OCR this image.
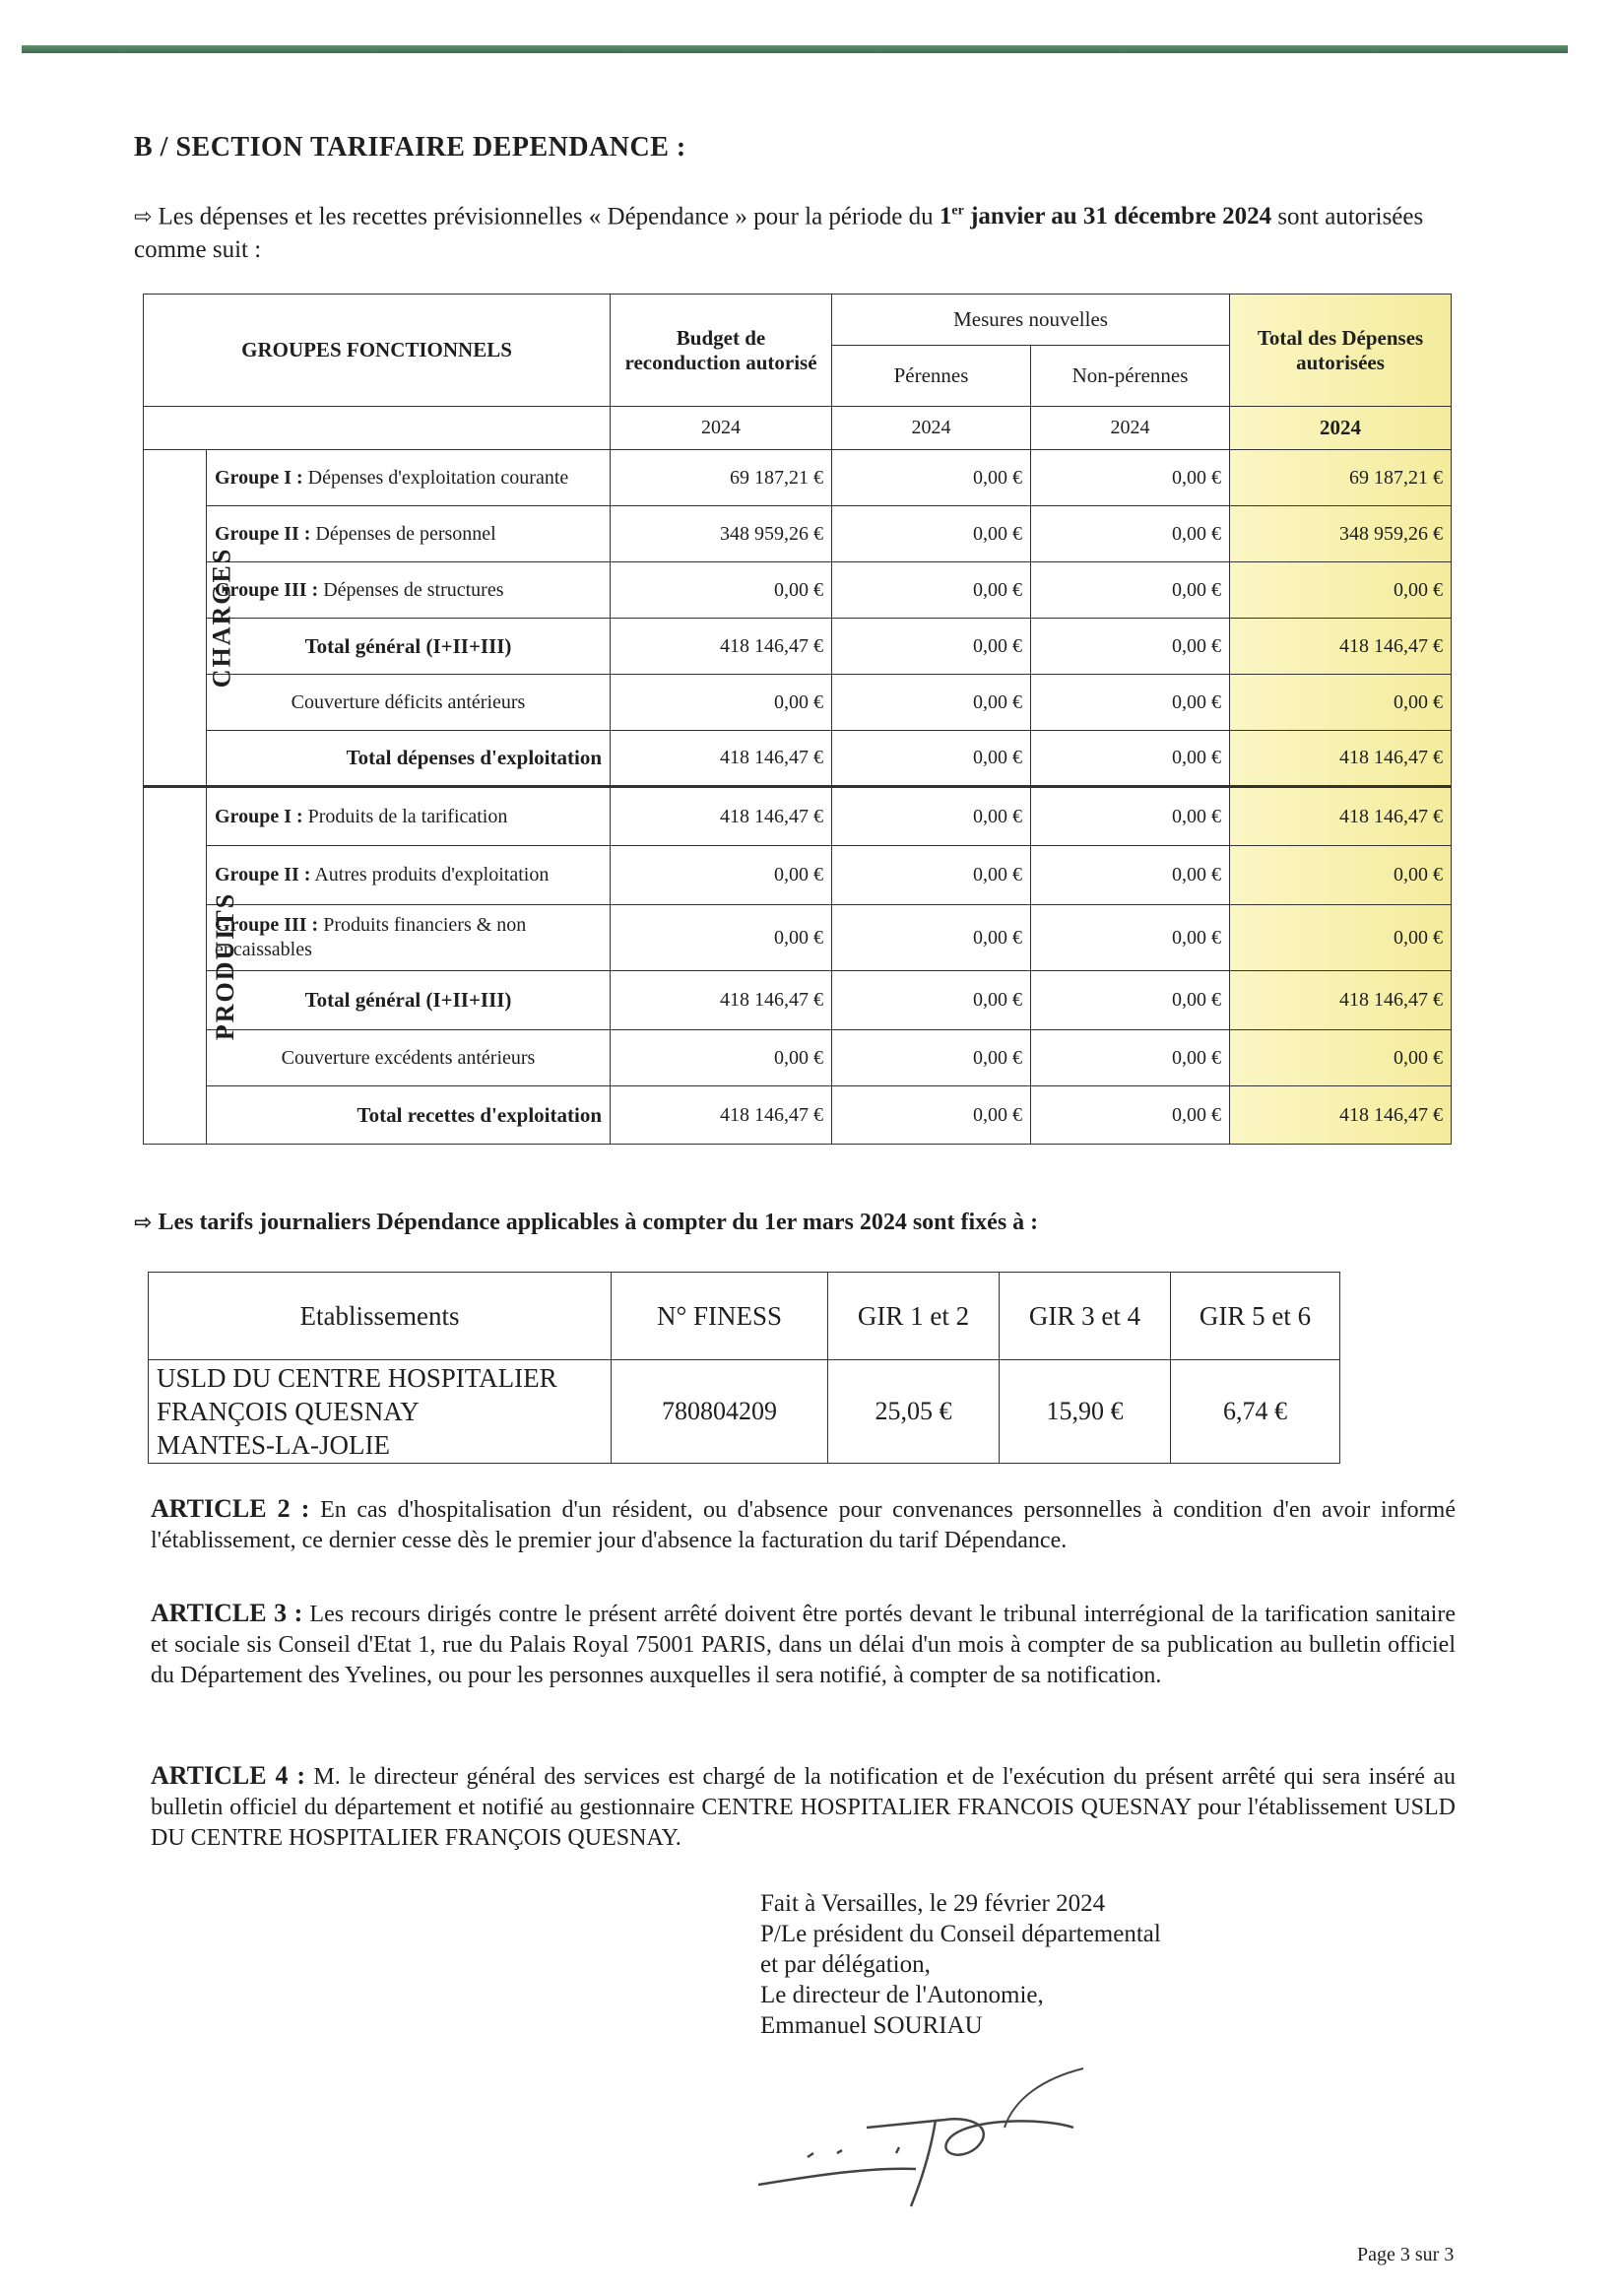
B / SECTION TARIFAIRE DEPENDANCE :
⇨ Les dépenses et les recettes prévisionnelles « Dépendance » pour la période du 1er janvier au 31 décembre 2024 sont autorisées comme suit :
GROUPES FONCTIONNELS		Budget de reconduction autorisé	Mesures nouvelles		Total des Dépenses autorisées
			Pérennes	Non-pérennes	
		2024	2024	2024	2024
CHARGES	Groupe I : Dépenses d'exploitation courante	69 187,21 €	0,00 €	0,00 €	69 187,21 €
	Groupe II : Dépenses de personnel	348 959,26 €	0,00 €	0,00 €	348 959,26 €
	Groupe III : Dépenses de structures	0,00 €	0,00 €	0,00 €	0,00 €
	Total général (I+II+III)	418 146,47 €	0,00 €	0,00 €	418 146,47 €
	Couverture déficits antérieurs	0,00 €	0,00 €	0,00 €	0,00 €
	Total dépenses d'exploitation	418 146,47 €	0,00 €	0,00 €	418 146,47 €
PRODUITS	Groupe I : Produits de la tarification	418 146,47 €	0,00 €	0,00 €	418 146,47 €
	Groupe II : Autres produits d'exploitation	0,00 €	0,00 €	0,00 €	0,00 €
	Groupe III : Produits financiers & non encaissables	0,00 €	0,00 €	0,00 €	0,00 €
	Total général (I+II+III)	418 146,47 €	0,00 €	0,00 €	418 146,47 €
	Couverture excédents antérieurs	0,00 €	0,00 €	0,00 €	0,00 €
	Total recettes d'exploitation	418 146,47 €	0,00 €	0,00 €	418 146,47 €
⇨ Les tarifs journaliers Dépendance applicables à compter du 1er mars 2024 sont fixés à :
Etablissements	N° FINESS	GIR 1 et 2	GIR 3 et 4	GIR 5 et 6

USLD DU CENTRE HOSPITALIER
FRANÇOIS QUESNAY
MANTES-LA-JOLIE	780804209	25,05 €	15,90 €	6,74 €
ARTICLE 2 : En cas d'hospitalisation d'un résident, ou d'absence pour convenances personnelles à condition d'en avoir informé l'établissement, ce dernier cesse dès le premier jour d'absence la facturation du tarif Dépendance.
ARTICLE 3 : Les recours dirigés contre le présent arrêté doivent être portés devant le tribunal interrégional de la tarification sanitaire et sociale sis Conseil d'Etat 1, rue du Palais Royal 75001 PARIS, dans un délai d'un mois à compter de sa publication au bulletin officiel du Département des Yvelines, ou pour les personnes auxquelles il sera notifié, à compter de sa notification.
ARTICLE 4 : M. le directeur général des services est chargé de la notification et de l'exécution du présent arrêté qui sera inséré au bulletin officiel du département et notifié au gestionnaire CENTRE HOSPITALIER FRANCOIS QUESNAY pour l'établissement USLD DU CENTRE HOSPITALIER FRANÇOIS QUESNAY.
Fait à Versailles, le 29 février 2024
P/Le président du Conseil départemental
et par délégation,
Le directeur de l'Autonomie,
Emmanuel SOURIAU
Page 3 sur 3
